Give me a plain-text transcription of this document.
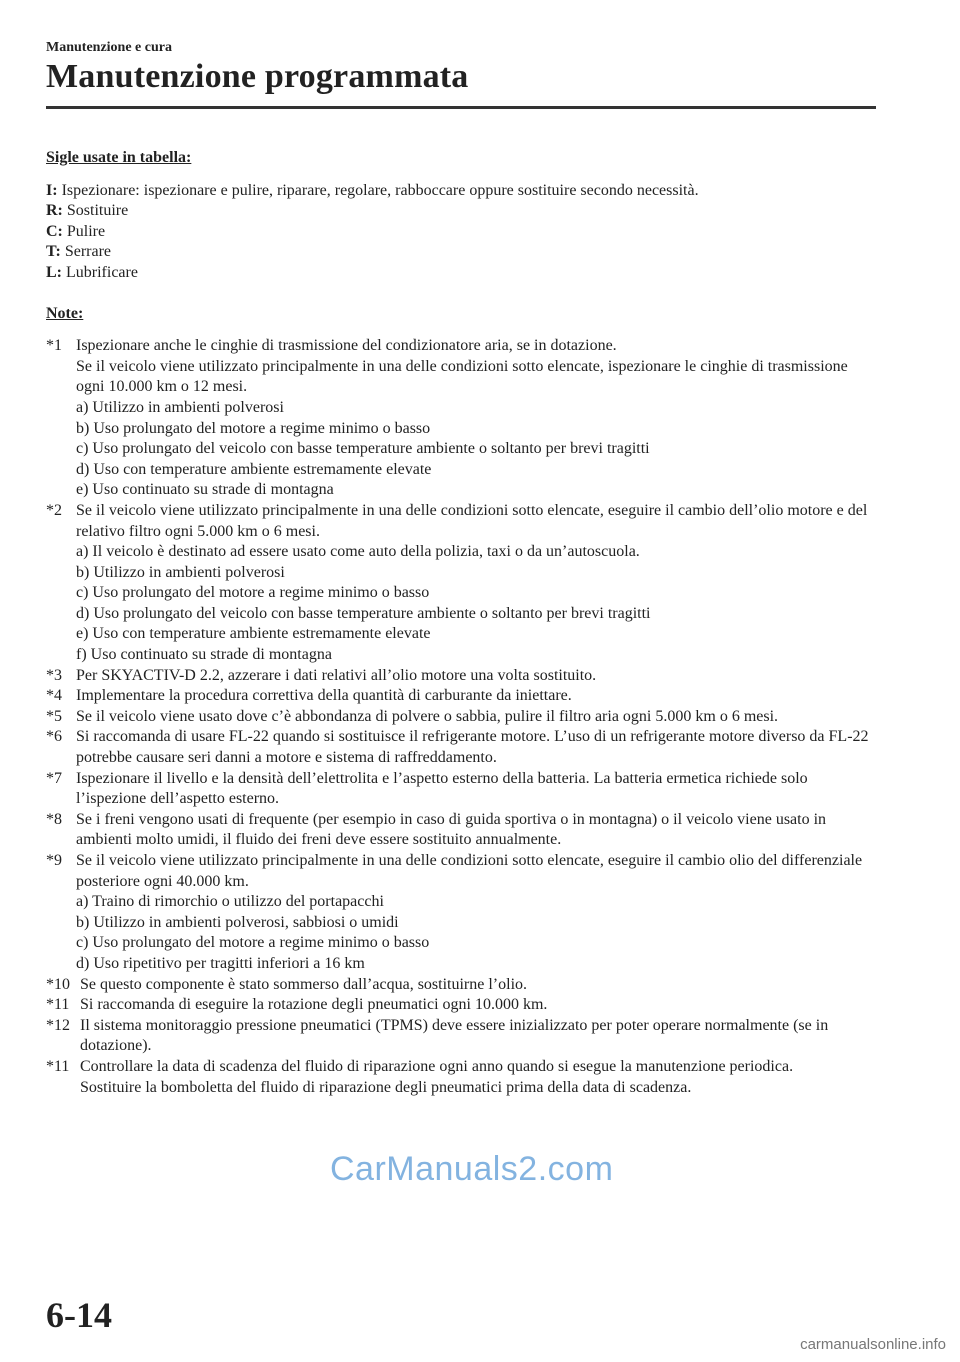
Manutenzione e cura
Manutenzione programmata
Sigle usate in tabella:
I: Ispezionare: ispezionare e pulire, riparare, regolare, rabboccare oppure sostituire secondo necessità.
R: Sostituire
C: Pulire
T: Serrare
L: Lubrificare
Note:
*1 Ispezionare anche le cinghie di trasmissione del condizionatore aria, se in dotazione.
Se il veicolo viene utilizzato principalmente in una delle condizioni sotto elencate, ispezionare le cinghie di trasmissione ogni 10.000 km o 12 mesi.
a) Utilizzo in ambienti polverosi
b) Uso prolungato del motore a regime minimo o basso
c) Uso prolungato del veicolo con basse temperature ambiente o soltanto per brevi tragitti
d) Uso con temperature ambiente estremamente elevate
e) Uso continuato su strade di montagna
*2 Se il veicolo viene utilizzato principalmente in una delle condizioni sotto elencate, eseguire il cambio dell’olio motore e del relativo filtro ogni 5.000 km o 6 mesi.
a) Il veicolo è destinato ad essere usato come auto della polizia, taxi o da un’autoscuola.
b) Utilizzo in ambienti polverosi
c) Uso prolungato del motore a regime minimo o basso
d) Uso prolungato del veicolo con basse temperature ambiente o soltanto per brevi tragitti
e) Uso con temperature ambiente estremamente elevate
f) Uso continuato su strade di montagna
*3 Per SKYACTIV-D 2.2, azzerare i dati relativi all’olio motore una volta sostituito.
*4 Implementare la procedura correttiva della quantità di carburante da iniettare.
*5 Se il veicolo viene usato dove c’è abbondanza di polvere o sabbia, pulire il filtro aria ogni 5.000 km o 6 mesi.
*6 Si raccomanda di usare FL-22 quando si sostituisce il refrigerante motore. L’uso di un refrigerante motore diverso da FL-22 potrebbe causare seri danni a motore e sistema di raffreddamento.
*7 Ispezionare il livello e la densità dell’elettrolita e l’aspetto esterno della batteria. La batteria ermetica richiede solo l’ispezione dell’aspetto esterno.
*8 Se i freni vengono usati di frequente (per esempio in caso di guida sportiva o in montagna) o il veicolo viene usato in ambienti molto umidi, il fluido dei freni deve essere sostituito annualmente.
*9 Se il veicolo viene utilizzato principalmente in una delle condizioni sotto elencate, eseguire il cambio olio del differenziale posteriore ogni 40.000 km.
a) Traino di rimorchio o utilizzo del portapacchi
b) Utilizzo in ambienti polverosi, sabbiosi o umidi
c) Uso prolungato del motore a regime minimo o basso
d) Uso ripetitivo per tragitti inferiori a 16 km
*10 Se questo componente è stato sommerso dall’acqua, sostituirne l’olio.
*11 Si raccomanda di eseguire la rotazione degli pneumatici ogni 10.000 km.
*12 Il sistema monitoraggio pressione pneumatici (TPMS) deve essere inizializzato per poter operare normalmente (se in dotazione).
*11 Controllare la data di scadenza del fluido di riparazione ogni anno quando si esegue la manutenzione periodica.
Sostituire la bomboletta del fluido di riparazione degli pneumatici prima della data di scadenza.
CarManuals2.com
6-14
carmanualsonline.info
